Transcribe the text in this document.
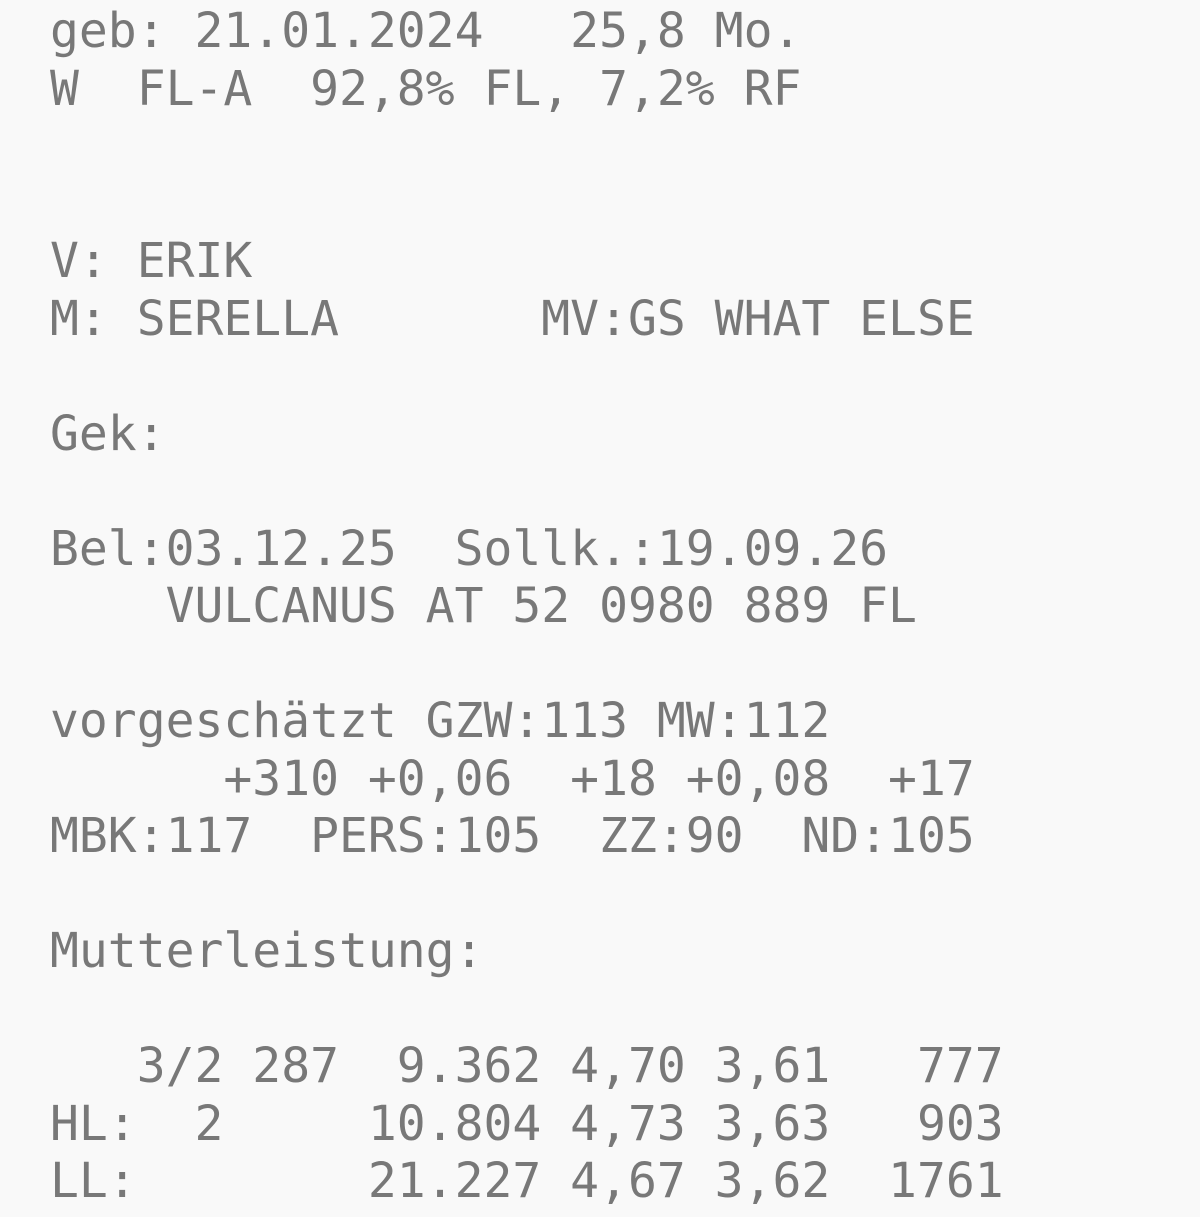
geb: 21.01.2024   25,8 Mo.
W  FL-A  92,8% FL, 7,2% RF
V: ERIK
M: SERELLA       MV:GS WHAT ELSE
Gek:
Bel:03.12.25  Sollk.:19.09.26
VULCANUS AT 52 0980 889 FL
vorgeschätzt GZW:113 MW:112
+310 +0,06  +18 +0,08  +17
MBK:117  PERS:105  ZZ:90  ND:105
Mutterleistung:
3/2 287  9.362 4,70 3,61   777
HL:  2     10.804 4,73 3,63   903
LL:        21.227 4,67 3,62  1761
